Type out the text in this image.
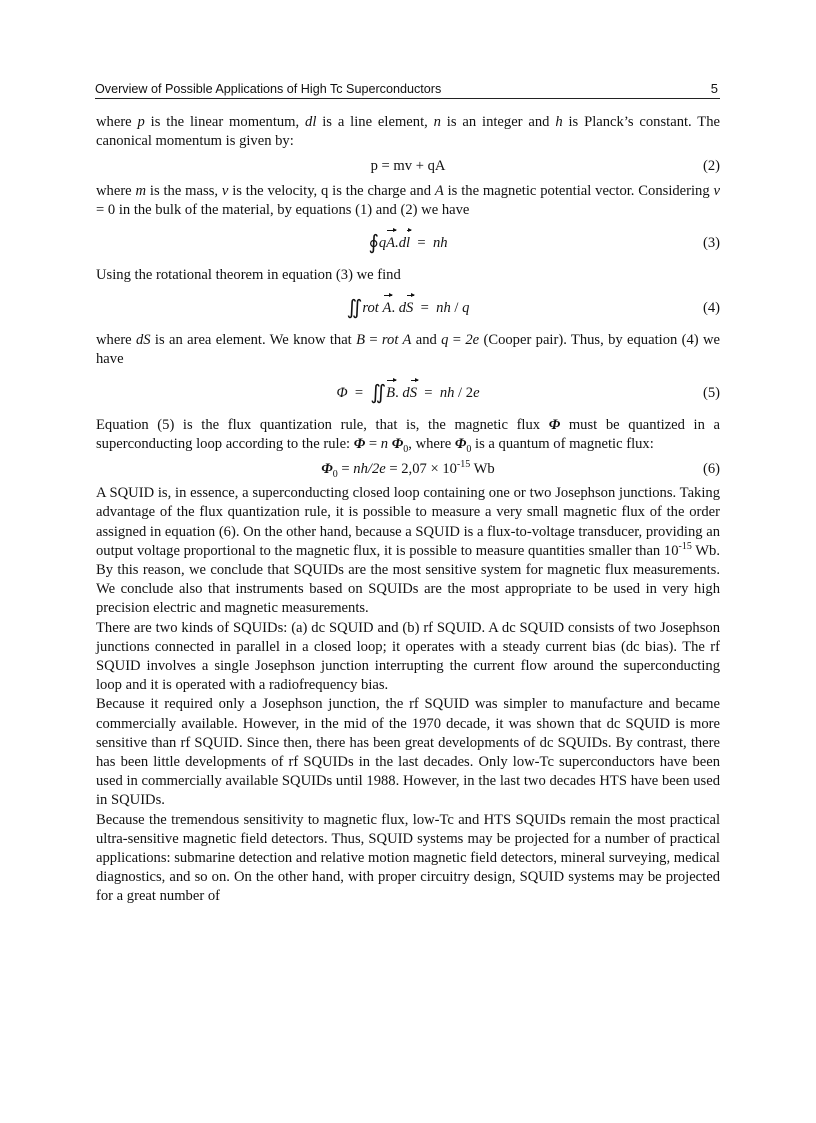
Overview of Possible Applications of High Tc Superconductors	5

where p is the linear momentum, dl is a line element, n is an integer and h is Planck’s constant. The canonical momentum is given by:

p = mv + qA	(2)

where m is the mass, v is the velocity, q is the charge and A is the magnetic potential vector. Considering v = 0 in the bulk of the material, by equations (1) and (2) we have

∮qA.dl  =  nh	(3)

Using the rotational theorem in equation (3) we find

∬rot A. dS  =  nh / q	(4)

where dS is an area element. We know that B = rot A and q = 2e (Cooper pair). Thus, by equation (4) we have

Φ  =  ∬B. dS  =  nh / 2e	(5)

Equation (5) is the flux quantization rule, that is, the magnetic flux Φ must be quantized in a superconducting loop according to the rule: Φ = n $\Phi_0$, where $\Phi_0$ is a quantum of magnetic flux:

$\Phi_0 = nh/2e = 2,07 \times 10^{-15}$ Wb	(6)

A SQUID is, in essence, a superconducting closed loop containing one or two Josephson junctions. Taking advantage of the flux quantization rule, it is possible to measure a very small magnetic flux of the order assigned in equation (6). On the other hand, because a SQUID is a flux-to-voltage transducer, providing an output voltage proportional to the magnetic flux, it is possible to measure quantities smaller than $10^{-15}$ Wb. By this reason, we conclude that SQUIDs are the most sensitive system for magnetic flux measurements. We conclude also that instruments based on SQUIDs are the most appropriate to be used in very high precision electric and magnetic measurements.

There are two kinds of SQUIDs: (a) dc SQUID and (b) rf SQUID. A dc SQUID consists of two Josephson junctions connected in parallel in a closed loop; it operates with a steady current bias (dc bias). The rf SQUID involves a single Josephson junction interrupting the current flow around the superconducting loop and it is operated with a radiofrequency bias.

Because it required only a Josephson junction, the rf SQUID was simpler to manufacture and became commercially available. However, in the mid of the 1970 decade, it was shown that dc SQUID is more sensitive than rf SQUID. Since then, there has been great developments of dc SQUIDs. By contrast, there has been little developments of rf SQUIDs in the last decades. Only low-Tc superconductors have been used in commercially available SQUIDs until 1988. However, in the last two decades HTS have been used in SQUIDs.

Because the tremendous sensitivity to magnetic flux, low-Tc and HTS SQUIDs remain the most practical ultra-sensitive magnetic field detectors. Thus, SQUID systems may be projected for a number of practical applications: submarine detection and relative motion magnetic field detectors, mineral surveying, medical diagnostics, and so on. On the other hand, with proper circuitry design, SQUID systems may be projected for a great number of
